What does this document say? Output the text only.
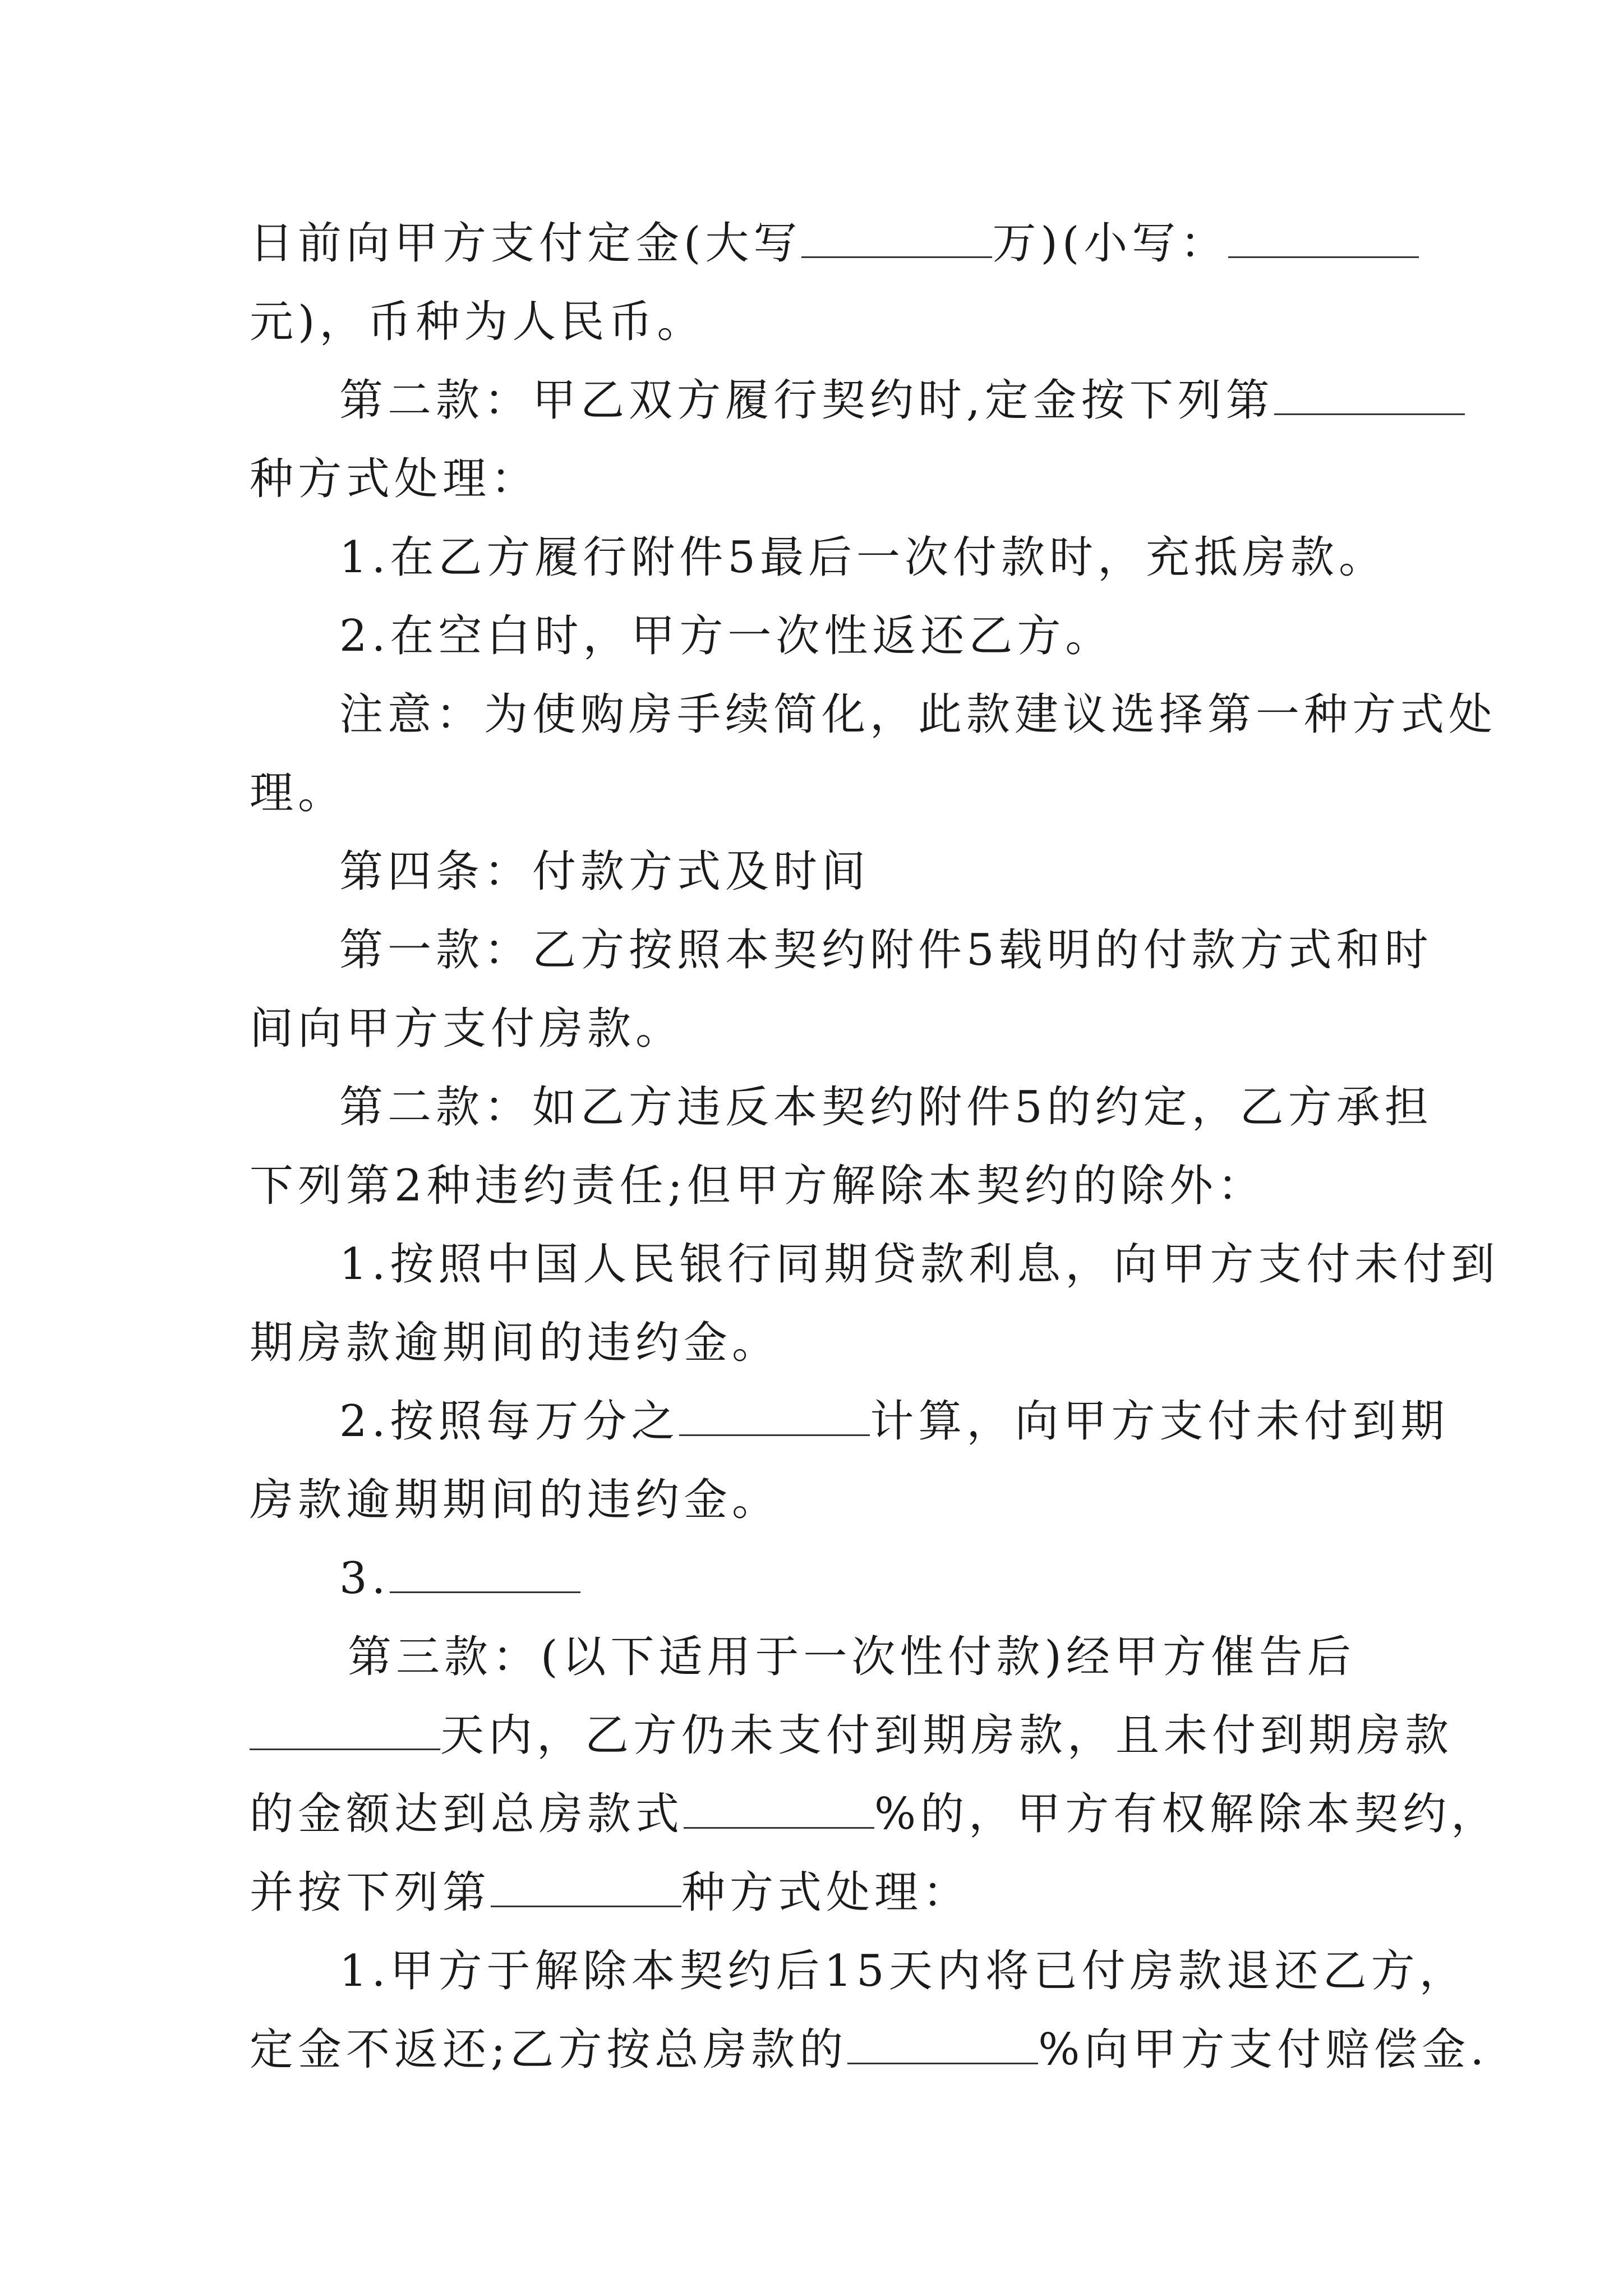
日前向甲方支付定金(大写	万)(小写：
元)，币种为人民币。
第二款：甲乙双方履行契约时,定金按下列第
种方式处理：
1.在乙方履行附件5最后一次付款时，充抵房款。
2.在空白时，甲方一次性返还乙方。
注意：为使购房手续简化，此款建议选择第一种方式处
理。
第四条：付款方式及时间
第一款：乙方按照本契约附件5载明的付款方式和时
间向甲方支付房款。
第二款：如乙方违反本契约附件5的约定，乙方承担
下列第2种违约责任;但甲方解除本契约的除外：
1.按照中国人民银行同期贷款利息，向甲方支付未付到
期房款逾期间的违约金。
2.按照每万分之	计算，向甲方支付未付到期
房款逾期期间的违约金。
3.
第三款：(以下适用于一次性付款)经甲方催告后
天内，乙方仍未支付到期房款，且未付到期房款
的金额达到总房款式	%的，甲方有权解除本契约，
并按下列第	种方式处理：
1.甲方于解除本契约后15天内将已付房款退还乙方，
定金不返还;乙方按总房款的	%向甲方支付赔偿金.
